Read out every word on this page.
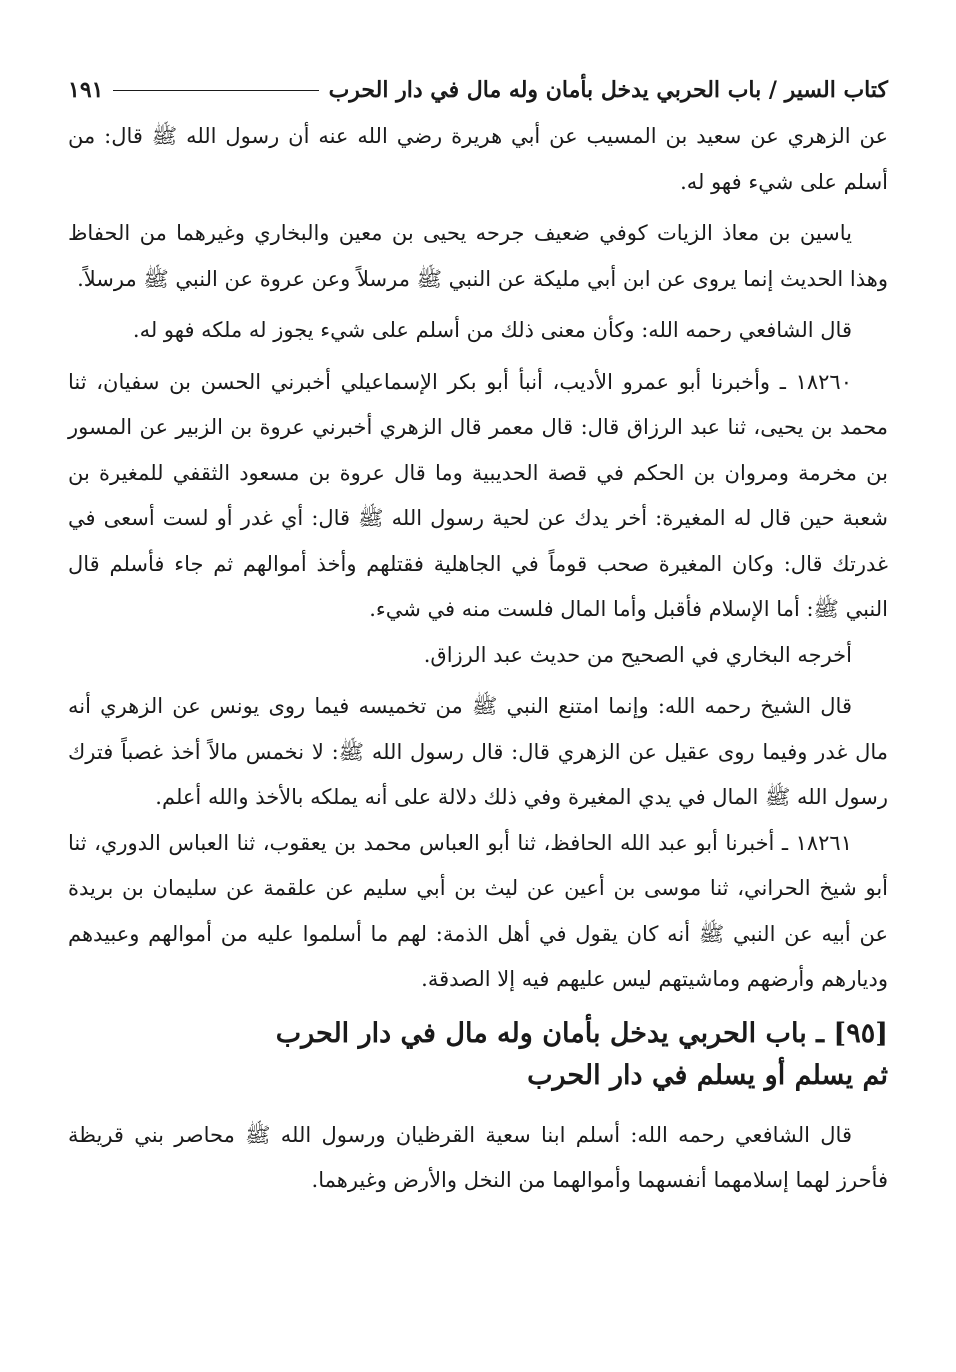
كتاب السير / باب الحربي يدخل بأمان وله مال في دار الحرب
١٩١

عن الزهري عن سعيد بن المسيب عن أبي هريرة رضي الله عنه أن رسول الله ﷺ قال: من أسلم على شيء فهو له.

ياسين بن معاذ الزيات كوفي ضعيف جرحه يحيى بن معين والبخاري وغيرهما من الحفاظ وهذا الحديث إنما يروى عن ابن أبي مليكة عن النبي ﷺ مرسلاً وعن عروة عن النبي ﷺ مرسلاً.

قال الشافعي رحمه الله: وكأن معنى ذلك من أسلم على شيء يجوز له ملكه فهو له.

١٨٢٦٠ ـ وأخبرنا أبو عمرو الأديب، أنبأ أبو بكر الإسماعيلي أخبرني الحسن بن سفيان، ثنا محمد بن يحيى، ثنا عبد الرزاق قال: قال معمر قال الزهري أخبرني عروة بن الزبير عن المسور بن مخرمة ومروان بن الحكم في قصة الحديبية وما قال عروة بن مسعود الثقفي للمغيرة بن شعبة حين قال له المغيرة: أخر يدك عن لحية رسول الله ﷺ قال: أي غدر أو لست أسعى في غدرتك قال: وكان المغيرة صحب قوماً في الجاهلية فقتلهم وأخذ أموالهم ثم جاء فأسلم قال النبي ﷺ: أما الإسلام فأقبل وأما المال فلست منه في شيء.

أخرجه البخاري في الصحيح من حديث عبد الرزاق.

قال الشيخ رحمه الله: وإنما امتنع النبي ﷺ من تخميسه فيما روى يونس عن الزهري أنه مال غدر وفيما روى عقيل عن الزهري قال: قال رسول الله ﷺ: لا نخمس مالاً أخذ غصباً فترك رسول الله ﷺ المال في يدي المغيرة وفي ذلك دلالة على أنه يملكه بالأخذ والله أعلم.

١٨٢٦١ ـ أخبرنا أبو عبد الله الحافظ، ثنا أبو العباس محمد بن يعقوب، ثنا العباس الدوري، ثنا أبو شيخ الحراني، ثنا موسى بن أعين عن ليث بن أبي سليم عن علقمة عن سليمان بن بريدة عن أبيه عن النبي ﷺ أنه كان يقول في أهل الذمة: لهم ما أسلموا عليه من أموالهم وعبيدهم وديارهم وأرضهم وماشيتهم ليس عليهم فيه إلا الصدقة.

[٩٥] ـ باب الحربي يدخل بأمان وله مال في دار الحرب
ثم يسلم أو يسلم في دار الحرب

قال الشافعي رحمه الله: أسلم ابنا سعية القرظيان ورسول الله ﷺ محاصر بني قريظة فأحرز لهما إسلامهما أنفسهما وأموالهما من النخل والأرض وغيرهما.
